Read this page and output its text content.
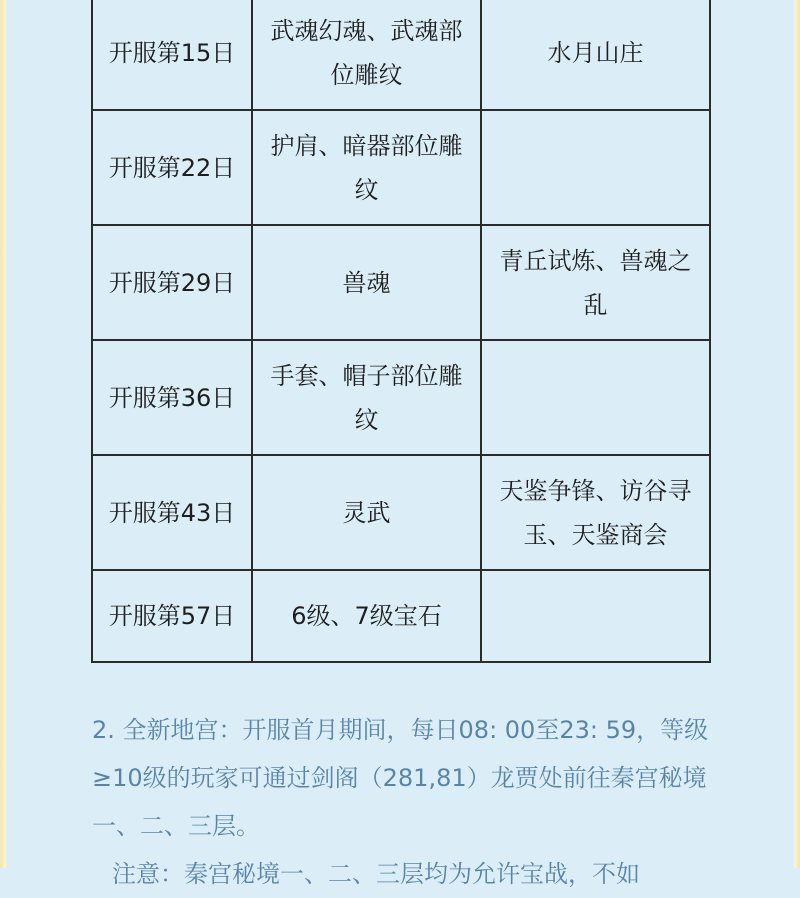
开服第15日	武魂幻魂、武魂部位雕纹	水月山庄
开服第22日	护肩、暗器部位雕纹	
开服第29日	兽魂	青丘试炼、兽魂之乱
开服第36日	手套、帽子部位雕纹	
开服第43日	灵武	天鉴争锋、访谷寻玉、天鉴商会
开服第57日	6级、7级宝石	

2. 全新地宫：开服首月期间，每日08: 00至23: 59，等级≥10级的玩家可通过剑阁（281,81）龙贾处前往秦宫秘境一、二、三层。

注意：秦宫秘境一、二、三层均为允许宝战，不如
